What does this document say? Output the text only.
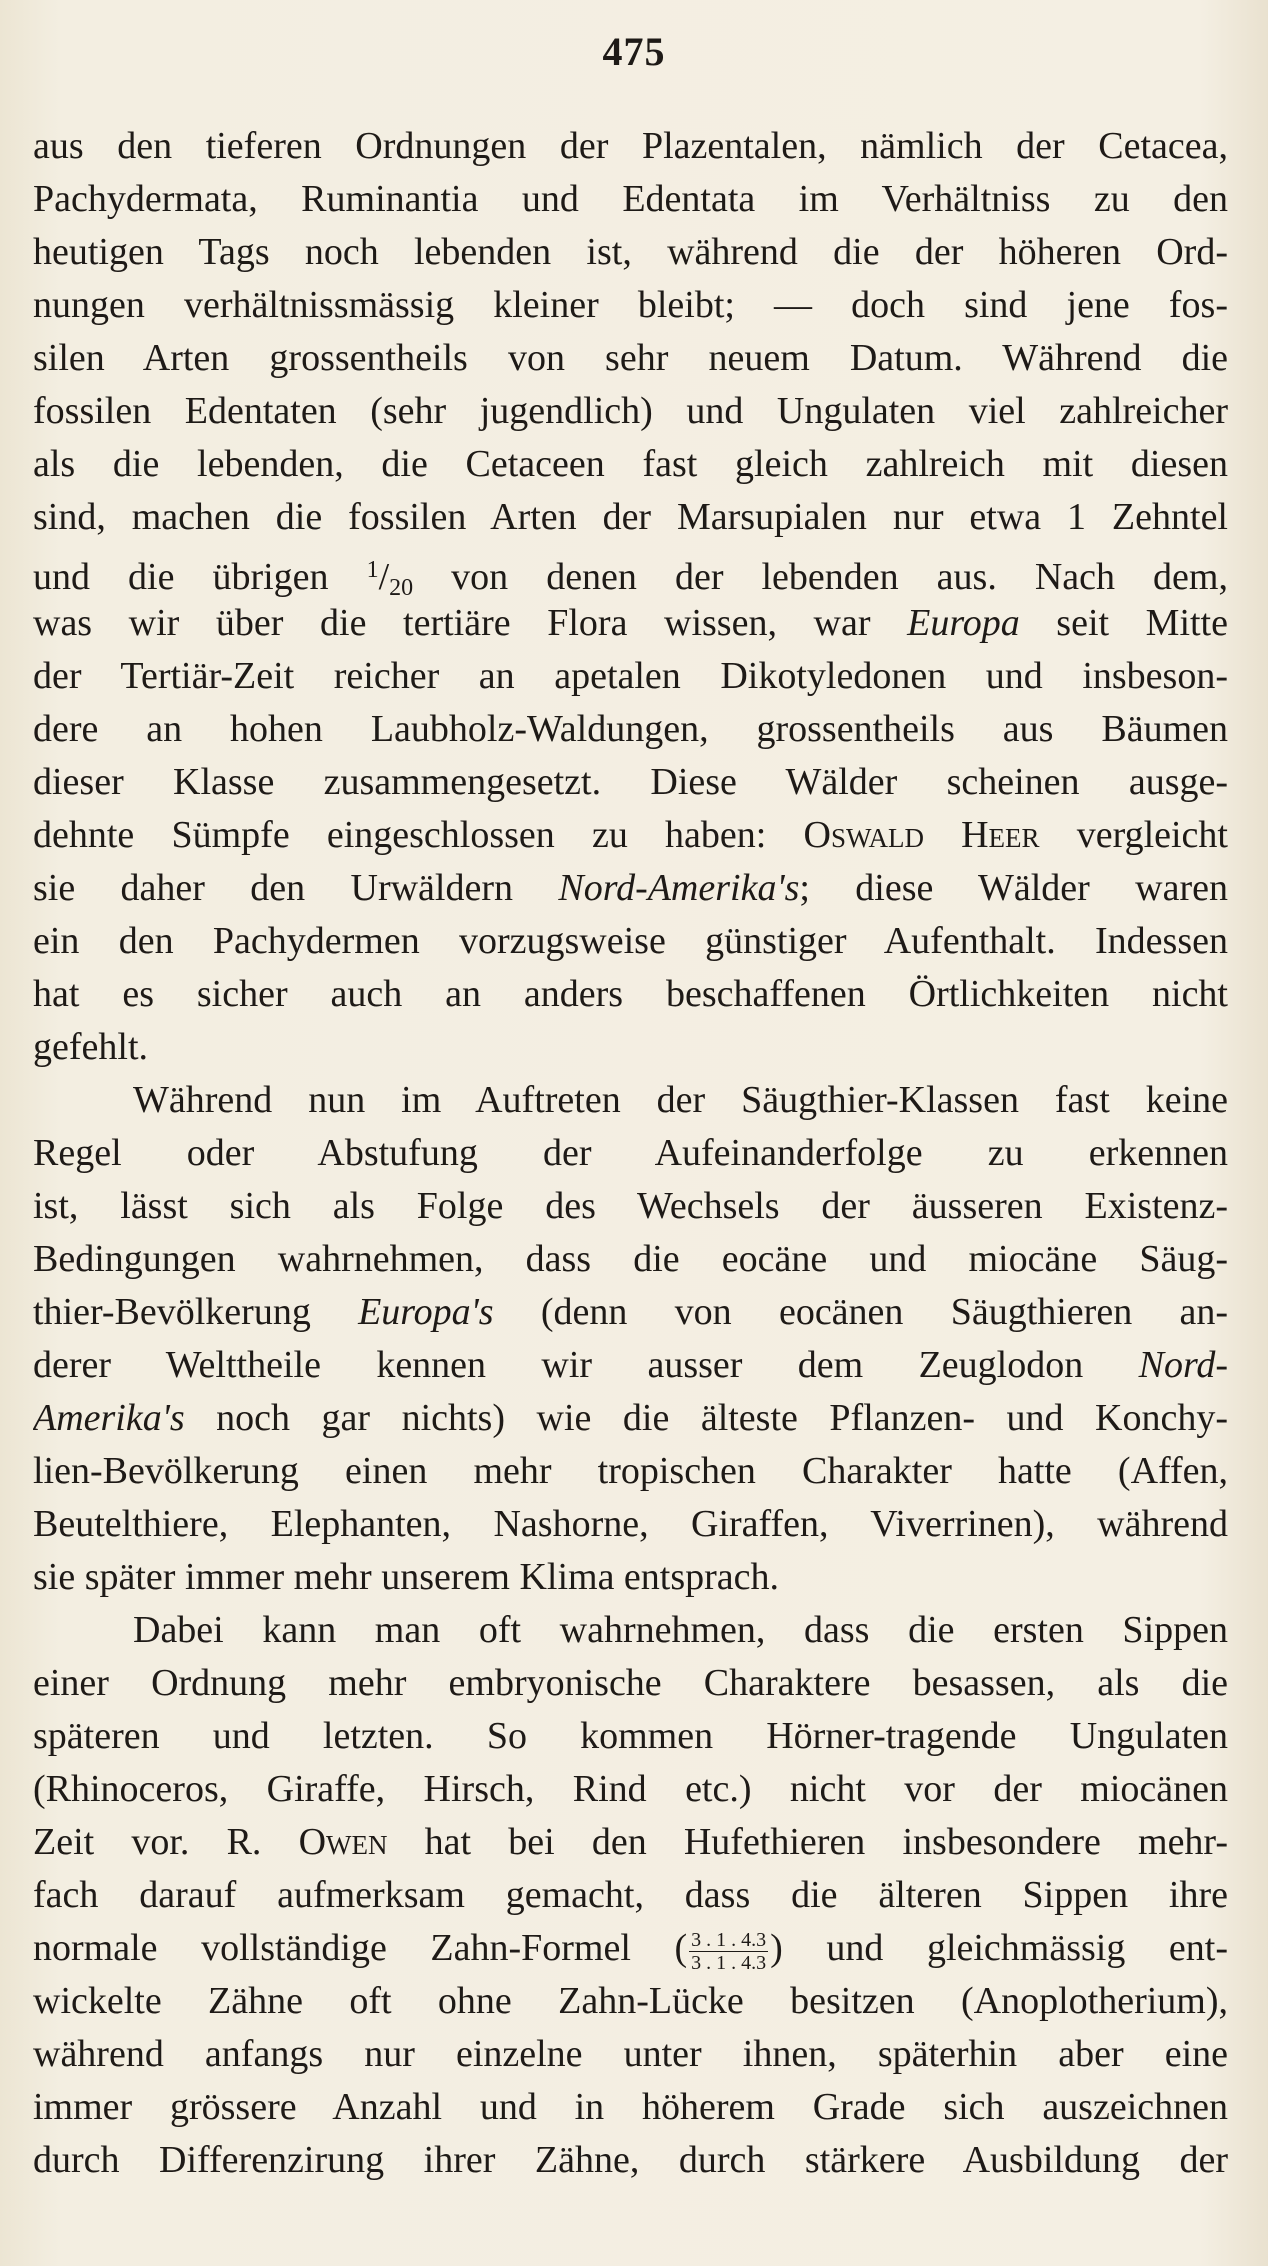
475
aus den tieferen Ordnungen der Plazentalen, nämlich der Cetacea,
Pachydermata, Ruminantia und Edentata im Verhältniss zu den
heutigen Tags noch lebenden ist, während die der höheren Ord-
nungen verhältnissmässig kleiner bleibt; — doch sind jene fos-
silen Arten grossentheils von sehr neuem Datum. Während die
fossilen Edentaten (sehr jugendlich) und Ungulaten viel zahlreicher
als die lebenden, die Cetaceen fast gleich zahlreich mit diesen
sind, machen die fossilen Arten der Marsupialen nur etwa 1 Zehntel
und die übrigen $^1$/20 von denen der lebenden aus. Nach dem,
was wir über die tertiäre Flora wissen, war Europa seit Mitte
der Tertiär-Zeit reicher an apetalen Dikotyledonen und insbeson-
dere an hohen Laubholz-Waldungen, grossentheils aus Bäumen
dieser Klasse zusammengesetzt. Diese Wälder scheinen ausge-
dehnte Sümpfe eingeschlossen zu haben: Oswald Heer vergleicht
sie daher den Urwäldern Nord-Amerika's; diese Wälder waren
ein den Pachydermen vorzugsweise günstiger Aufenthalt. Indessen
hat es sicher auch an anders beschaffenen Örtlichkeiten nicht
gefehlt.
Während nun im Auftreten der Säugthier-Klassen fast keine
Regel oder Abstufung der Aufeinanderfolge zu erkennen
ist, lässt sich als Folge des Wechsels der äusseren Existenz-
Bedingungen wahrnehmen, dass die eocäne und miocäne Säug-
thier-Bevölkerung Europa's (denn von eocänen Säugthieren an-
derer Welttheile kennen wir ausser dem Zeuglodon Nord-
Amerika's noch gar nichts) wie die älteste Pflanzen- und Konchy-
lien-Bevölkerung einen mehr tropischen Charakter hatte (Affen,
Beutelthiere, Elephanten, Nashorne, Giraffen, Viverrinen), während
sie später immer mehr unserem Klima entsprach.
Dabei kann man oft wahrnehmen, dass die ersten Sippen
einer Ordnung mehr embryonische Charaktere besassen, als die
späteren und letzten. So kommen Hörner-tragende Ungulaten
(Rhinoceros, Giraffe, Hirsch, Rind etc.) nicht vor der miocänen
Zeit vor. R. Owen hat bei den Hufethieren insbesondere mehr-
fach darauf aufmerksam gemacht, dass die älteren Sippen ihre
normale vollständige Zahn-Formel ( $\frac{3 . 1 . 4.3}{3 . 1 . 4.3}$ ) und gleichmässig ent-
wickelte Zähne oft ohne Zahn-Lücke besitzen (Anoplotherium),
während anfangs nur einzelne unter ihnen, späterhin aber eine
immer grössere Anzahl und in höherem Grade sich auszeichnen
durch Differenzirung ihrer Zähne, durch stärkere Ausbildung der
